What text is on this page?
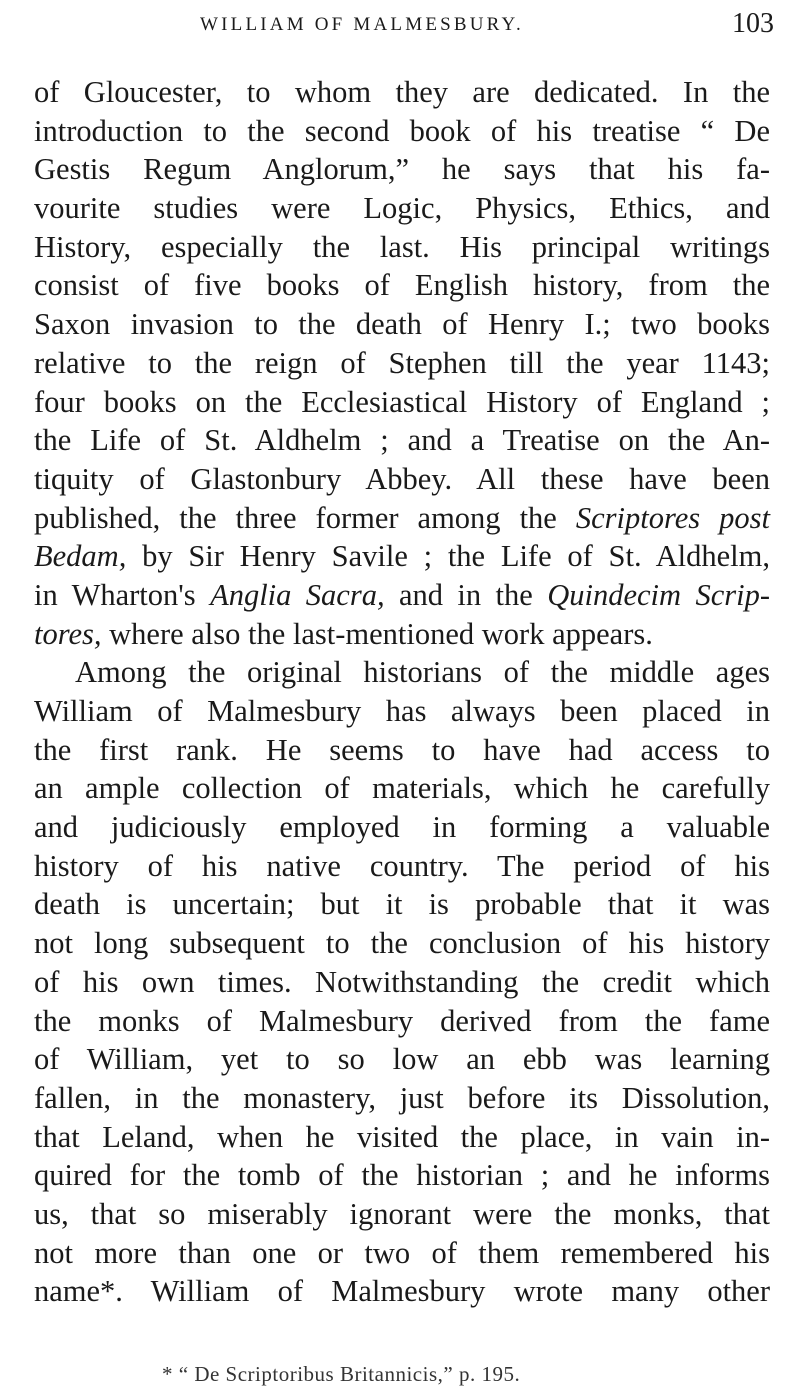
WILLIAM OF MALMESBURY.	103
of Gloucester, to whom they are dedicated. In the
introduction to the second book of his treatise “ De
Gestis Regum Anglorum,” he says that his fa-
vourite studies were Logic, Physics, Ethics, and
History, especially the last. His principal writings
consist of five books of English history, from the
Saxon invasion to the death of Henry I.; two books
relative to the reign of Stephen till the year 1143;
four books on the Ecclesiastical History of England ;
the Life of St. Aldhelm ; and a Treatise on the An-
tiquity of Glastonbury Abbey. All these have been
published, the three former among the Scriptores post
Bedam, by Sir Henry Savile ; the Life of St. Aldhelm,
in Wharton's Anglia Sacra, and in the Quindecim Scrip-
tores, where also the last-mentioned work appears.
Among the original historians of the middle ages
William of Malmesbury has always been placed in
the first rank. He seems to have had access to
an ample collection of materials, which he carefully
and judiciously employed in forming a valuable
history of his native country. The period of his
death is uncertain; but it is probable that it was
not long subsequent to the conclusion of his history
of his own times. Notwithstanding the credit which
the monks of Malmesbury derived from the fame
of William, yet to so low an ebb was learning
fallen, in the monastery, just before its Dissolution,
that Leland, when he visited the place, in vain in-
quired for the tomb of the historian ; and he informs
us, that so miserably ignorant were the monks, that
not more than one or two of them remembered his
name*. William of Malmesbury wrote many other
* “ De Scriptoribus Britannicis,” p. 195.
